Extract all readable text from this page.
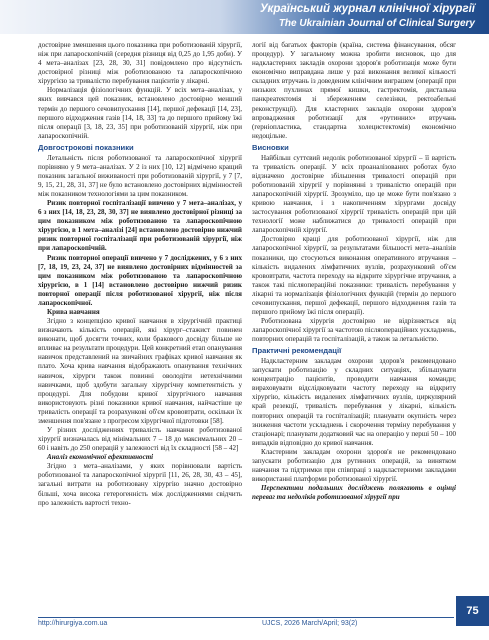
Український журнал клінічної хірургії
The Ukrainian Journal of Clinical Surgery

достовірне зменшення цього показника при роботизованій хірургії, ніж при лапароскопічній (середня різниця від 0,25 до 1,95 доби). У 4 мета–аналізах [23, 28, 30, 31] повідомлено про відсутність достовірної різниці між роботизованою та лапароскопічною хірургією за тривалістю перебування пацієнтів у лікарні.

Нормалізація фізіологічних функцій. У всіх мета–аналізах, у яких вивчався цей показник, встановлено достовірно менший термін до першого сечовипускання [14], першої дефекації [14, 23], першого відходження газів [14, 18, 33] та до першого прийому їжі після операції [3, 18, 23, 35] при роботизованій хірургії, ніж при лапароскопічній.

Довгострокові показники

Летальність після роботизованої та лапароскопічної хірургії порівняно у 9 мета–аналізах. У 2 із них [10, 12] відмічено кращий показник загальної виживаності при роботизованій хірургії, у 7 [7, 9, 15, 21, 28, 31, 37] не було встановлено достовірних відмінностей між показником технологіями за цим показником.

Ризик повторної госпіталізації вивчено у 7 мета–аналізах, у 6 з них [14, 18, 23, 28, 30, 37] не виявлено достовірної різниці за цим показником між роботизованою та лапароскопічною хірургією, в 1 мета–аналізі [24] встановлено достовірно нижчий ризик повторної госпіталізації при роботизованій хірургії, ніж при лапароскопічній.
Ризик повторної операції вивчено у 7 досліджених, у 6 з них [7, 18, 19, 23, 24, 37] не виявлено достовірних відмінностей за цим показником між роботизованою та лапароскопічною хірургією, в 1 [14] встановлено достовірно нижчий ризик повторної операції після роботизованої хірургії, ніж після лапароскопічної.
Крива навчання

Згідно з концепцією кривої навчання в хірургічній практиці визначають кількість операцій, які хірург–стажист повинен виконати, щоб досягти точних, коли бракового досвіду більше не впливає на результати процедури. Цей конкретний етап опанування навичок представлений на звичайних графіках кривої навчання як плато. Хоча крива навчання відображають опанування технічних навичок, хірурги також повинні оволодіти нетехнічними навичками, щоб здобути загальну хірургічну компетентність у процедурі. Для побудови кривої хірургічного навчання використовують різні показники кривої навчання, найчастіше це тривалість операції та розрахункові об'єм крововтрати, оскільки їх зменшення пов'язане з прогресом хірургічної підготовки [58].

У різних дослідженнях тривалість навчання роботизованої хірургії визначалась від мінімальних 7 – 18 до максимальних 20 – 60 і навіть до 250 операцій у залежності від їх складності [58 – 42]

Аналіз економічної ефективності

Згідно з мета–аналізами, у яких порівнювали вартість роботизованої та лапароскопічної хірургії [11, 26, 28, 30, 43 – 45], загальні витрати на роботизовану хірургію значно достовірно більші, хоча висока гетерогенність між дослідженнями свідчить про залежність вартості техно-

логії від багатьох факторів (країна, система фінансування, обсяг процедур). У загальному можна зробити висновок, що для надкластерних закладів охорони здоров'я роботизація може бути економічно виправдана лише у разі виконання великої кількості складних втручань із доведеним клінічним виграшем (операції при низьких пухлинах прямої кишки, гастректомія, дистальна панкреатектомія зі збереженням селезінки, ректоабельні реконструкції). Для кластерних закладів охорони здоров'я впровадження роботизації для «рутинних» втручань (герніопластика, стандартна холецистектомія) економічно недоцільне.

Висновки

Найбільш суттєвий недолік роботизованої хірургії – її вартість та тривалість операції. У всіх проаналізованих роботах було відзначено достовірне збільшення тривалості операцій при роботизованій хірургії у порівнянні з тривалістю операцій при лапароскопічній хірургії. Зрозуміло, що це може бути пов'язано з кривою навчання, і з накопиченням хірургами досвіду застосування роботизованої хірургії тривалість операцій при цій технології може наближатися до тривалості операцій при лапароскопічній хірургії.

Достовірно кращі для роботизованої хірургії, ніж для лапароскопічної хірургії, за результатами більшості мета–аналізів показники, що стосуються виконання оперативного втручання – кількість видалених лімфатичних вузлів, розрахунковий об'єм крововтрати, частота переходу на відкрите хірургічне втручання, а також такі післяопераційні показники: тривалість перебування у лікарні та нормалізація фізіологічних функцій (термін до першого сечовипускання, першої дефекації, першого відходження газів та першого прийому їжі після операції).

Роботизована хірургія достовірно не відрізняється від лапароскопічної хірургії за частотою післяопераційних ускладнень, повторних операцій та госпіталізацій, а також за летальністю.

Практичні рекомендації

Надкластерним закладам охорони здоров'я рекомендовано запускати роботизацію у складних ситуаціях, збільшувати концентрацію пацієнтів, проводити навчання команди; вираховувати відслідковувати частоту переходу на відкриту хірургію, кількість видалених лімфатичних вузлів, циркулярний край резекції, тривалість перебування у лікарні, кількість повторних операцій та госпіталізацій; планувати окупність через зниження частоти ускладнень і скорочення терміну перебування у стаціонарі; планувати додатковий час на операцію у перші 50 – 100 випадків відповідно до кривої навчання.

Кластерним закладам охорони здоров'я не рекомендовано запускати роботизацію для рутинних операцій, за винятком навчання та підтримки при співпраці з надкластерними закладами використанні платформи роботизованої хірургії.

Перспективи подальших досліджень полягають в оцінці переваг та недоліків роботизованої хірургії при
http://hirurgiya.com.ua	UJCS, 2026 March/April; 93(2)
75
